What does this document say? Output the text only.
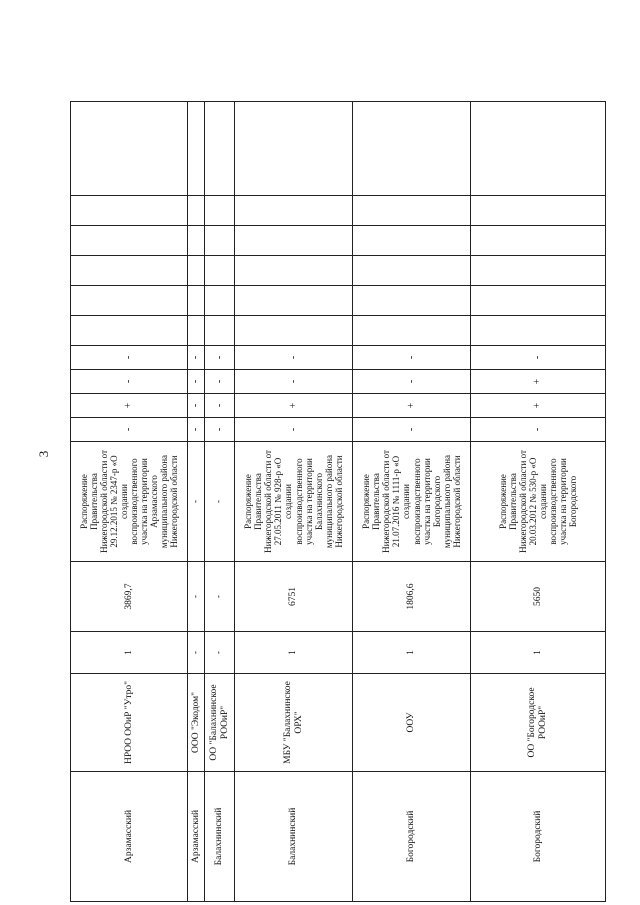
3
Арзамасский	НРОО ООиР "Утро"	1	3869,7	Распоряжение Правительства Нижегородской области от 29.12.2015 № 2347-р «О создании воспроизводственного участка на территории Арзамасского муниципального района Нижегородской области	-	+	-	-						
Арзамасский	ООО "Экодом"	-	-	-	-	-	-	-						
Балахнинский	ОО "Балахнинское РООиР"	-	-	-	-	-	-	-						
Балахнинский	МБУ "Балахнинское ОРХ"	1	6751	Распоряжение Правительства Нижегородской области от 27.05.2011 № 928-р «О создании воспроизводственного участка на территории Балахнинского муниципального района Нижегородской области	-	+	-	-						
Богородский	ООУ	1	1806,6	Распоряжение Правительства Нижегородской области от 21.07.2016 № 1111-р «О создании воспроизводственного участка на территории Богородского муниципального района Нижегородской области	-	+	-	-						
Богородский	ОО "Богородское РООиР"	1	5650	Распоряжение Правительства Нижегородской области от 20.03.2012 № 530-р «О создании воспроизводственного участка на территории Богородского	-	+	+	-						
